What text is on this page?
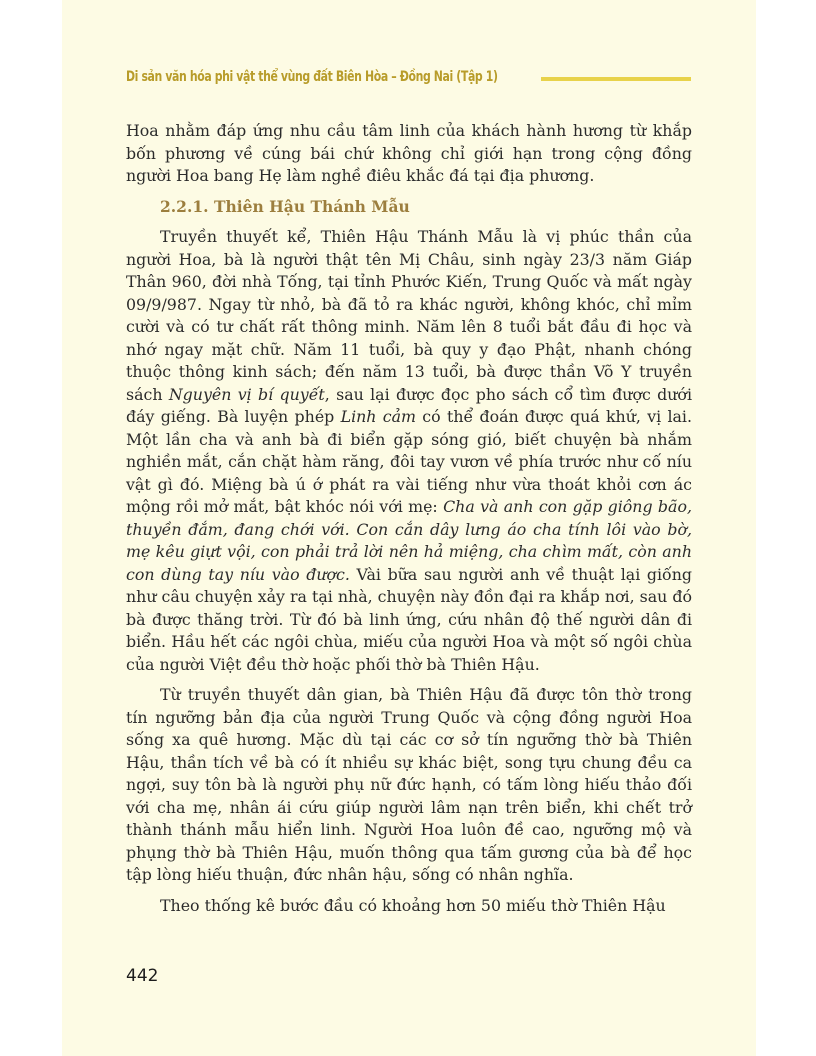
Di sản văn hóa phi vật thể vùng đất Biên Hòa – Đồng Nai (Tập 1)

Hoa nhằm đáp ứng nhu cầu tâm linh của khách hành hương từ khắp bốn phương về cúng bái chứ không chỉ giới hạn trong cộng đồng người Hoa bang Hẹ làm nghề điêu khắc đá tại địa phương.

2.2.1. Thiên Hậu Thánh Mẫu

Truyền thuyết kể, Thiên Hậu Thánh Mẫu là vị phúc thần của người Hoa, bà là người thật tên Mị Châu, sinh ngày 23/3 năm Giáp Thân 960, đời nhà Tống, tại tỉnh Phước Kiến, Trung Quốc và mất ngày 09/9/987. Ngay từ nhỏ, bà đã tỏ ra khác người, không khóc, chỉ mỉm cười và có tư chất rất thông minh. Năm lên 8 tuổi bắt đầu đi học và nhớ ngay mặt chữ. Năm 11 tuổi, bà quy y đạo Phật, nhanh chóng thuộc thông kinh sách; đến năm 13 tuổi, bà được thần Võ Y truyền sách Nguyên vị bí quyết, sau lại được đọc pho sách cổ tìm được dưới đáy giếng. Bà luyện phép Linh cảm có thể đoán được quá khứ, vị lai. Một lần cha và anh bà đi biển gặp sóng gió, biết chuyện bà nhắm nghiền mắt, cắn chặt hàm răng, đôi tay vươn về phía trước như cố níu vật gì đó. Miệng bà ú ớ phát ra vài tiếng như vừa thoát khỏi cơn ác mộng rồi mở mắt, bật khóc nói với mẹ: Cha và anh con gặp giông bão, thuyền đắm, đang chới với. Con cắn dây lưng áo cha tính lôi vào bờ, mẹ kêu giựt vội, con phải trả lời nên hả miệng, cha chìm mất, còn anh con dùng tay níu vào được. Vài bữa sau người anh về thuật lại giống như câu chuyện xảy ra tại nhà, chuyện này đồn đại ra khắp nơi, sau đó bà được thăng trời. Từ đó bà linh ứng, cứu nhân độ thế người dân đi biển. Hầu hết các ngôi chùa, miếu của người Hoa và một số ngôi chùa của người Việt đều thờ hoặc phối thờ bà Thiên Hậu.

Từ truyền thuyết dân gian, bà Thiên Hậu đã được tôn thờ trong tín ngưỡng bản địa của người Trung Quốc và cộng đồng người Hoa sống xa quê hương. Mặc dù tại các cơ sở tín ngưỡng thờ bà Thiên Hậu, thần tích về bà có ít nhiều sự khác biệt, song tựu chung đều ca ngợi, suy tôn bà là người phụ nữ đức hạnh, có tấm lòng hiếu thảo đối với cha mẹ, nhân ái cứu giúp người lâm nạn trên biển, khi chết trở thành thánh mẫu hiển linh. Người Hoa luôn đề cao, ngưỡng mộ và phụng thờ bà Thiên Hậu, muốn thông qua tấm gương của bà để học tập lòng hiếu thuận, đức nhân hậu, sống có nhân nghĩa.

Theo thống kê bước đầu có khoảng hơn 50 miếu thờ Thiên Hậu

442
